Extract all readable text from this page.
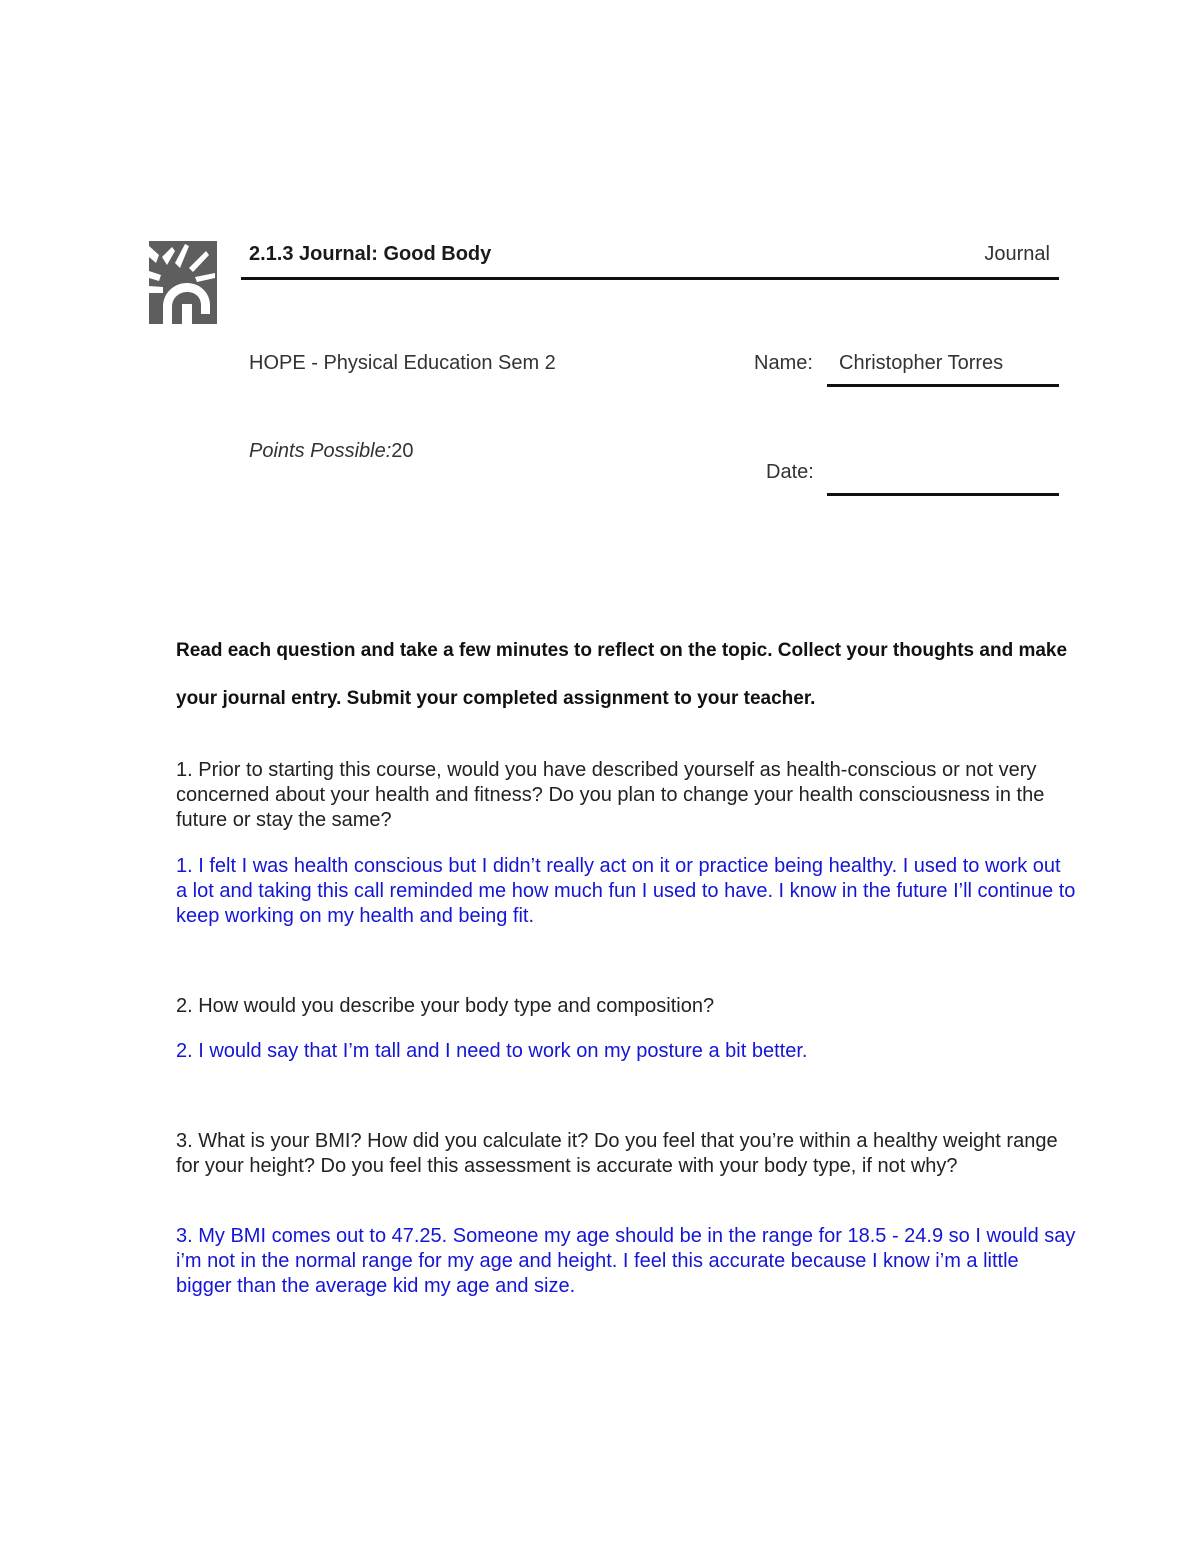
2.1.3 Journal: Good Body	Journal
HOPE - Physical Education Sem 2	Name: Christopher Torres
Points Possible:20
Date:
Read each question and take a few minutes to reflect on the topic. Collect your thoughts and make your journal entry. Submit your completed assignment to your teacher.
1. Prior to starting this course, would you have described yourself as health-conscious or not very concerned about your health and fitness? Do you plan to change your health consciousness in the future or stay the same?
1. I felt I was health conscious but I didn’t really act on it or practice being healthy. I used to work out a lot and taking this call reminded me how much fun I used to have. I know in the future I’ll continue to keep working on my health and being fit.
2. How would you describe your body type and composition?
2. I would say that I’m tall and I need to work on my posture a bit better.
3. What is your BMI? How did you calculate it? Do you feel that you’re within a healthy weight range for your height? Do you feel this assessment is accurate with your body type, if not why?
3. My BMI comes out to 47.25. Someone my age should be in the range for 18.5 - 24.9 so I would say i’m not in the normal range for my age and height. I feel this accurate because I know i’m a little bigger than the average kid my age and size.
